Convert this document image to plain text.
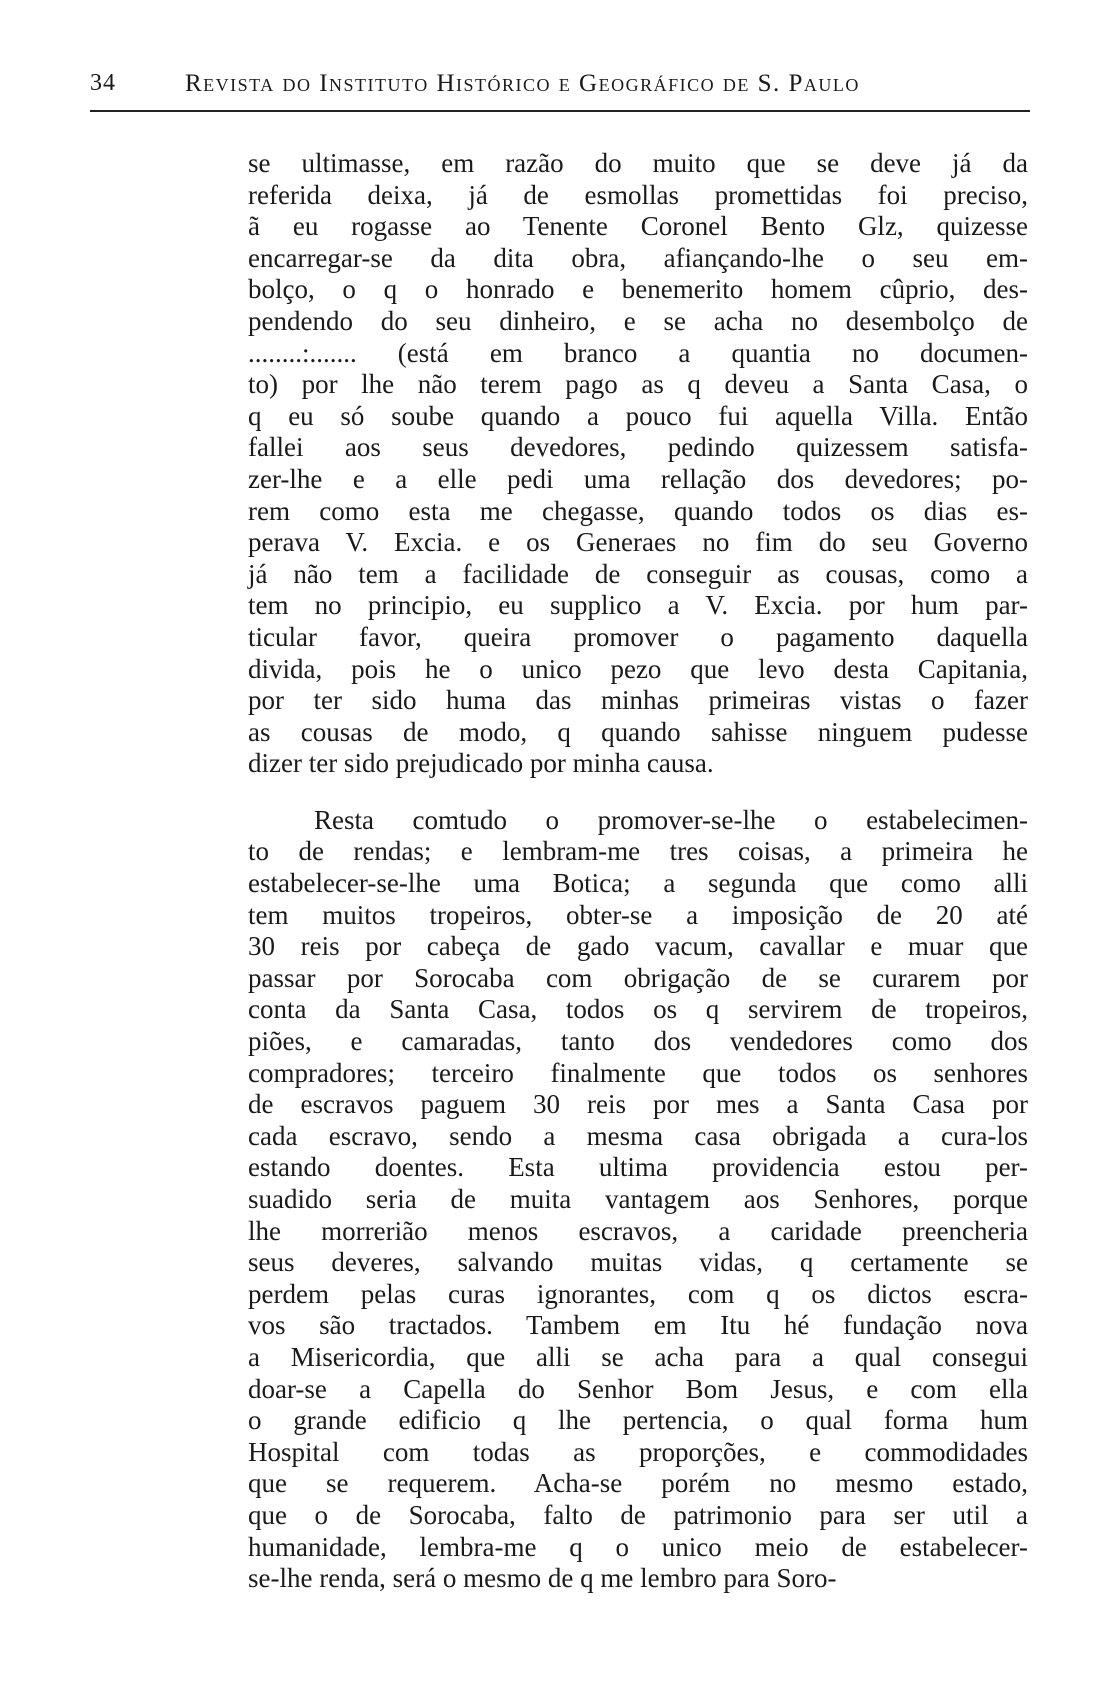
34	Revista do Instituto Histórico e Geográfico de S. Paulo

se ultimasse, em razão do muito que se deve já da
referida deixa, já de esmollas promettidas foi preciso,
ã eu rogasse ao Tenente Coronel Bento Glz, quizesse
encarregar-se da dita obra, afiançando-lhe o seu em-
bolço, o q o honrado e benemerito homem cûprio, des-
pendendo do seu dinheiro, e se acha no desembolço de
........:....... (está em branco a quantia no documen-
to) por lhe não terem pago as q deveu a Santa Casa, o
q eu só soube quando a pouco fui aquella Villa. Então
fallei aos seus devedores, pedindo quizessem satisfa-
zer-lhe e a elle pedi uma rellação dos devedores; po-
rem como esta me chegasse, quando todos os dias es-
perava V. Excia. e os Generaes no fim do seu Governo
já não tem a facilidade de conseguir as cousas, como a
tem no principio, eu supplico a V. Excia. por hum par-
ticular favor, queira promover o pagamento daquella
divida, pois he o unico pezo que levo desta Capitania,
por ter sido huma das minhas primeiras vistas o fazer
as cousas de modo, q quando sahisse ninguem pudesse
dizer ter sido prejudicado por minha causa.

Resta comtudo o promover-se-lhe o estabelecimen-
to de rendas; e lembram-me tres coisas, a primeira he
estabelecer-se-lhe uma Botica; a segunda que como alli
tem muitos tropeiros, obter-se a imposição de 20 até
30 reis por cabeça de gado vacum, cavallar e muar que
passar por Sorocaba com obrigação de se curarem por
conta da Santa Casa, todos os q servirem de tropeiros,
piões, e camaradas, tanto dos vendedores como dos
compradores; terceiro finalmente que todos os senhores
de escravos paguem 30 reis por mes a Santa Casa por
cada escravo, sendo a mesma casa obrigada a cura-los
estando doentes. Esta ultima providencia estou per-
suadido seria de muita vantagem aos Senhores, porque
lhe morrerião menos escravos, a caridade preencheria
seus deveres, salvando muitas vidas, q certamente se
perdem pelas curas ignorantes, com q os dictos escra-
vos são tractados. Tambem em Itu hé fundação nova
a Misericordia, que alli se acha para a qual consegui
doar-se a Capella do Senhor Bom Jesus, e com ella
o grande edificio q lhe pertencia, o qual forma hum
Hospital com todas as proporções, e commodidades
que se requerem. Acha-se porém no mesmo estado,
que o de Sorocaba, falto de patrimonio para ser util a
humanidade, lembra-me q o unico meio de estabelecer-
se-lhe renda, será o mesmo de q me lembro para Soro-
